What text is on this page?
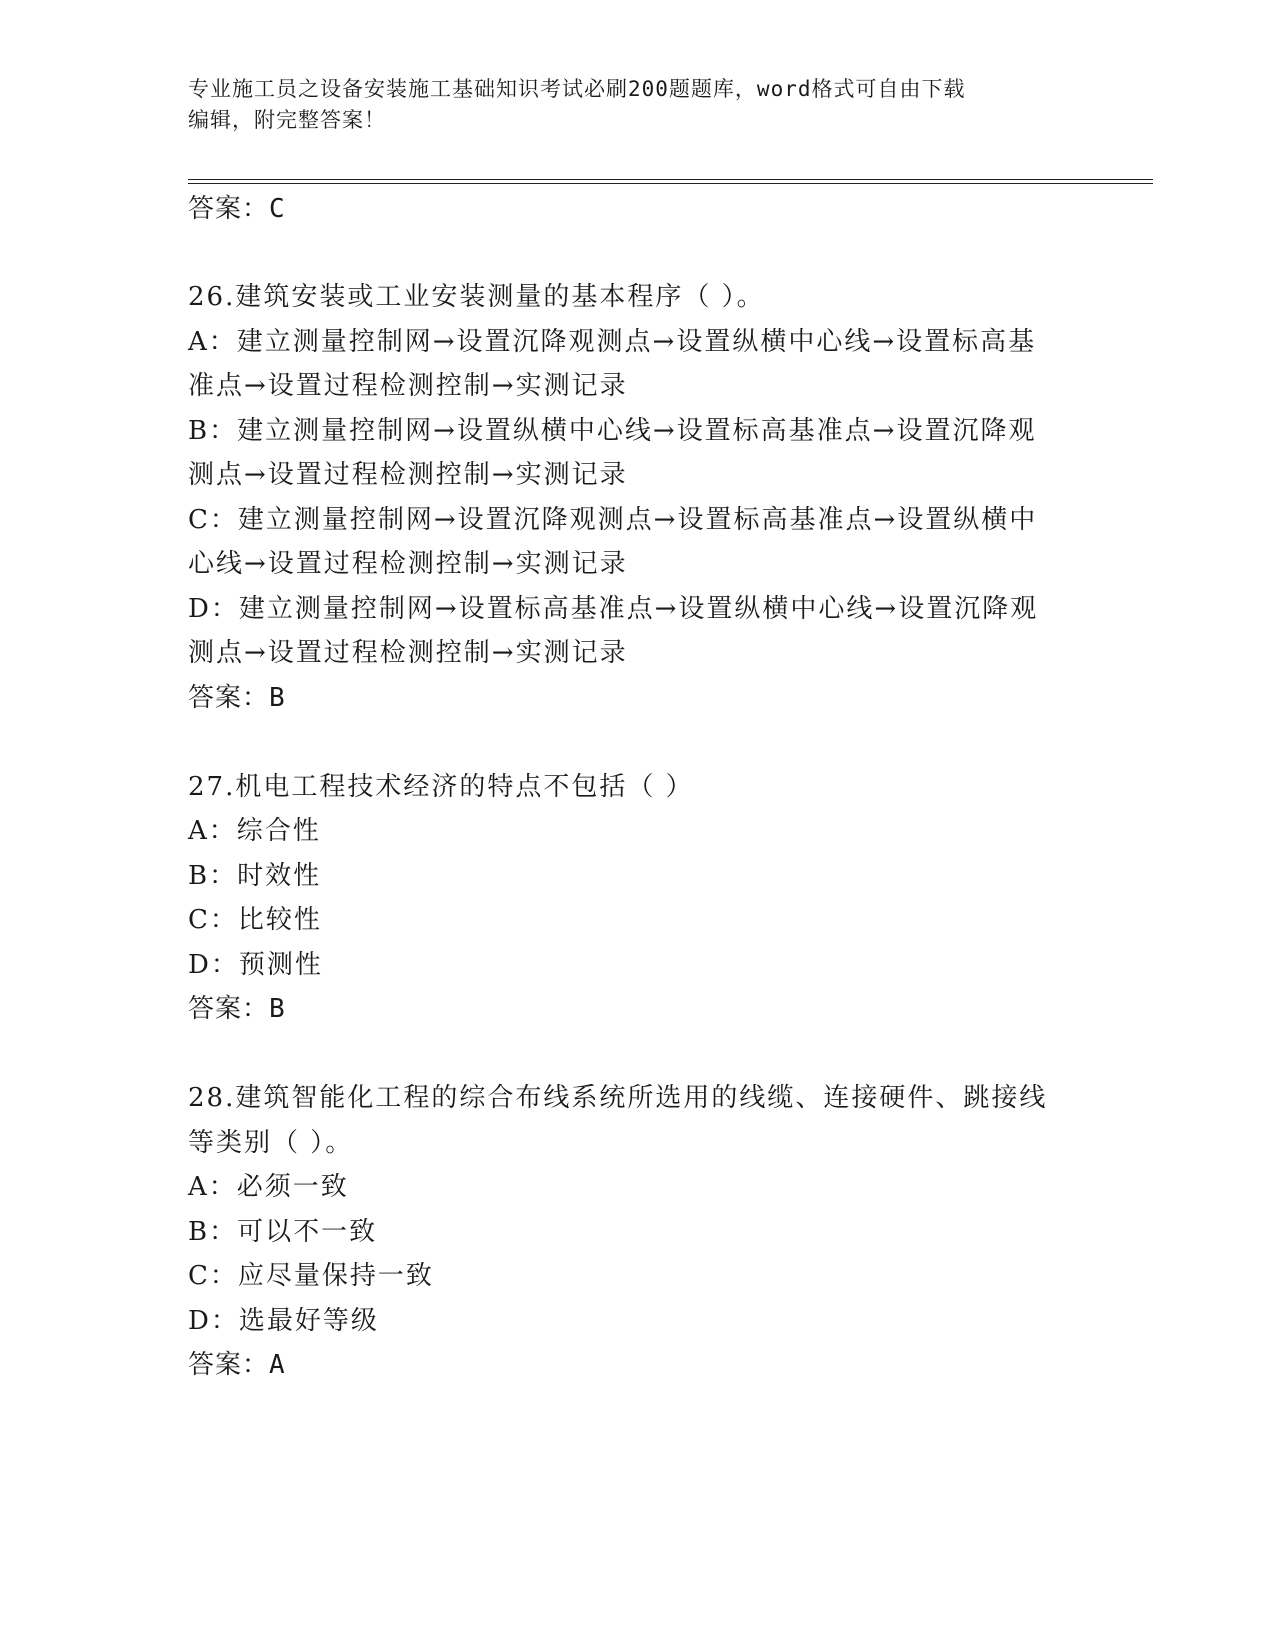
专业施工员之设备安装施工基础知识考试必刷200题题库，word格式可自由下载
编辑，附完整答案！
答案：C
26.建筑安装或工业安装测量的基本程序（ ）。
A：建立测量控制网→设置沉降观测点→设置纵横中心线→设置标高基
准点→设置过程检测控制→实测记录
B：建立测量控制网→设置纵横中心线→设置标高基准点→设置沉降观
测点→设置过程检测控制→实测记录
C：建立测量控制网→设置沉降观测点→设置标高基准点→设置纵横中
心线→设置过程检测控制→实测记录
D：建立测量控制网→设置标高基准点→设置纵横中心线→设置沉降观
测点→设置过程检测控制→实测记录
答案：B
27.机电工程技术经济的特点不包括（ ）
A：综合性
B：时效性
C：比较性
D：预测性
答案：B
28.建筑智能化工程的综合布线系统所选用的线缆、连接硬件、跳接线
等类别（ ）。
A：必须一致
B：可以不一致
C：应尽量保持一致
D：选最好等级
答案：A
